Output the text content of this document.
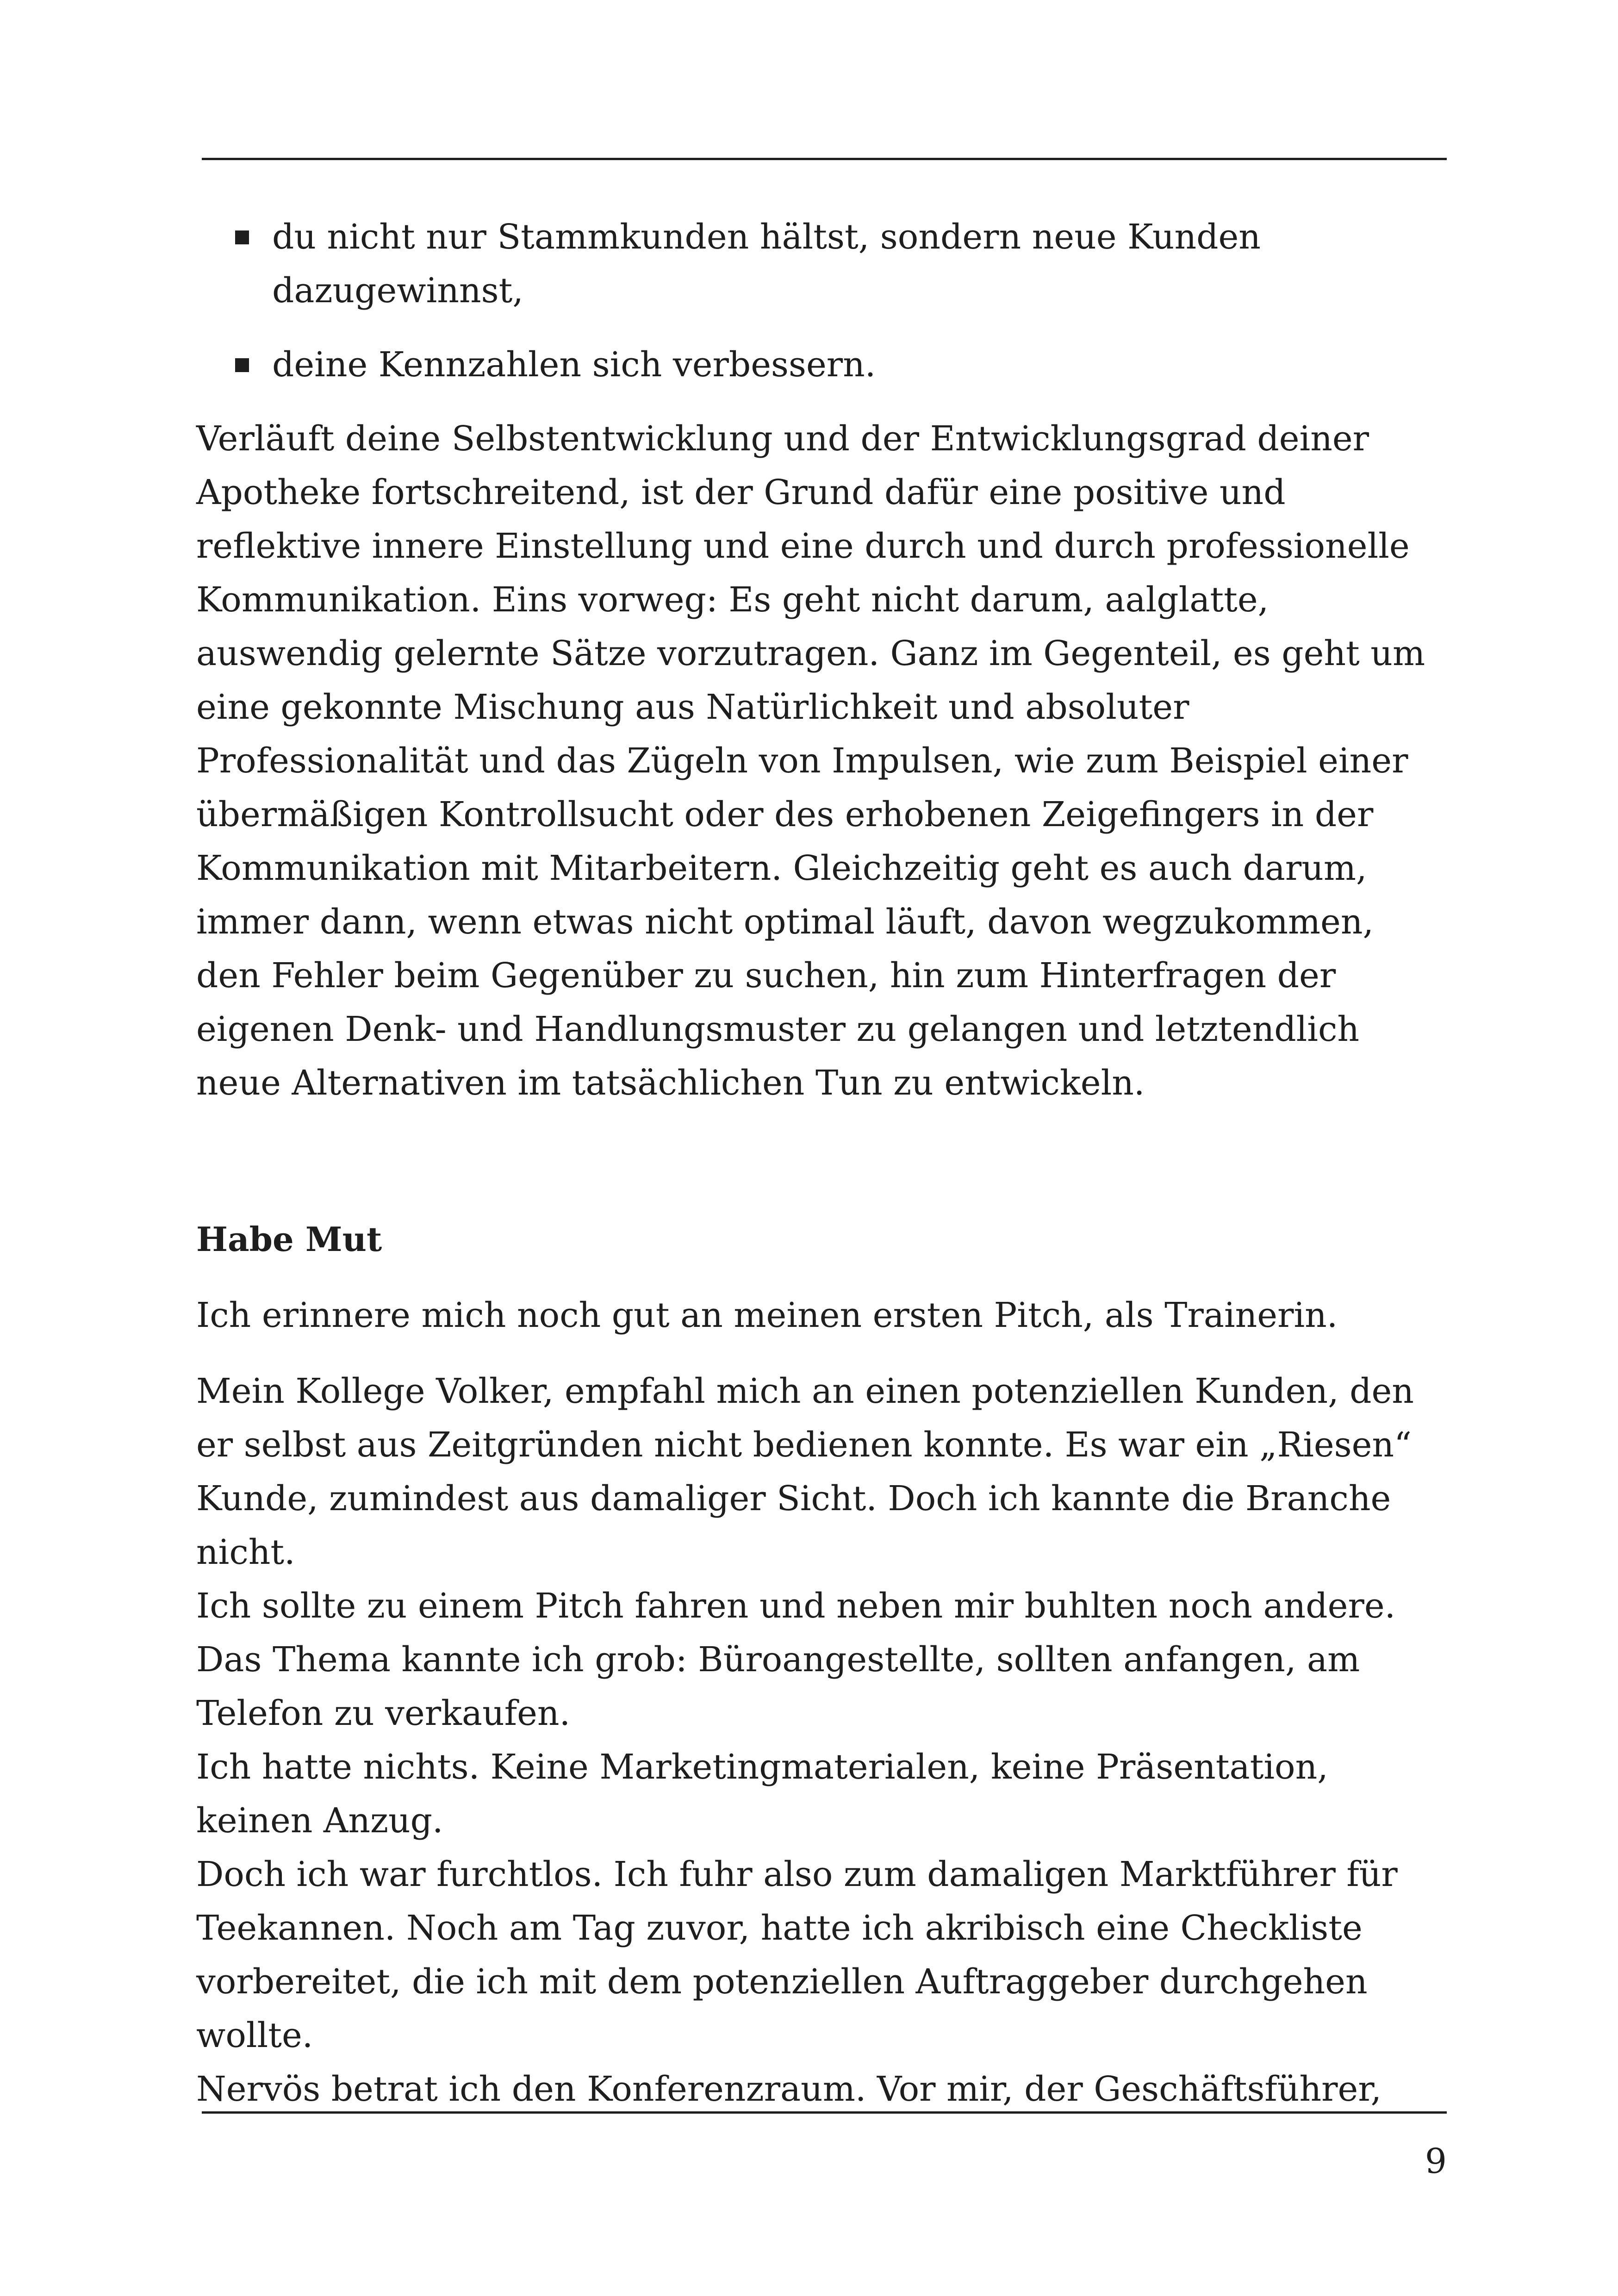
du nicht nur Stammkunden hältst, sondern neue Kunden dazugewinnst,
deine Kennzahlen sich verbessern.

Verläuft deine Selbstentwicklung und der Entwicklungsgrad deiner Apotheke fortschreitend, ist der Grund dafür eine positive und reflektive innere Einstellung und eine durch und durch professionelle Kommunikation. Eins vorweg: Es geht nicht darum, aalglatte, auswendig gelernte Sätze vorzutragen. Ganz im Gegenteil, es geht um eine gekonnte Mischung aus Natürlichkeit und absoluter Professionalität und das Zügeln von Impulsen, wie zum Beispiel einer übermäßigen Kontrollsucht oder des erhobenen Zeigefingers in der Kommunikation mit Mitarbeitern. Gleichzeitig geht es auch darum, immer dann, wenn etwas nicht optimal läuft, davon wegzukommen, den Fehler beim Gegenüber zu suchen, hin zum Hinterfragen der eigenen Denk- und Handlungsmuster zu gelangen und letztendlich neue Alternativen im tatsächlichen Tun zu entwickeln.

Habe Mut

Ich erinnere mich noch gut an meinen ersten Pitch, als Trainerin.

Mein Kollege Volker, empfahl mich an einen potenziellen Kunden, den er selbst aus Zeitgründen nicht bedienen konnte. Es war ein „Riesen“ Kunde, zumindest aus damaliger Sicht. Doch ich kannte die Branche nicht.
Ich sollte zu einem Pitch fahren und neben mir buhlten noch andere. Das Thema kannte ich grob: Büroangestellte, sollten anfangen, am Telefon zu verkaufen.
Ich hatte nichts. Keine Marketingmaterialen, keine Präsentation, keinen Anzug.
Doch ich war furchtlos. Ich fuhr also zum damaligen Marktführer für Teekannen. Noch am Tag zuvor, hatte ich akribisch eine Checkliste vorbereitet, die ich mit dem potenziellen Auftraggeber durchgehen wollte.
Nervös betrat ich den Konferenzraum. Vor mir, der Geschäftsführer,

9
